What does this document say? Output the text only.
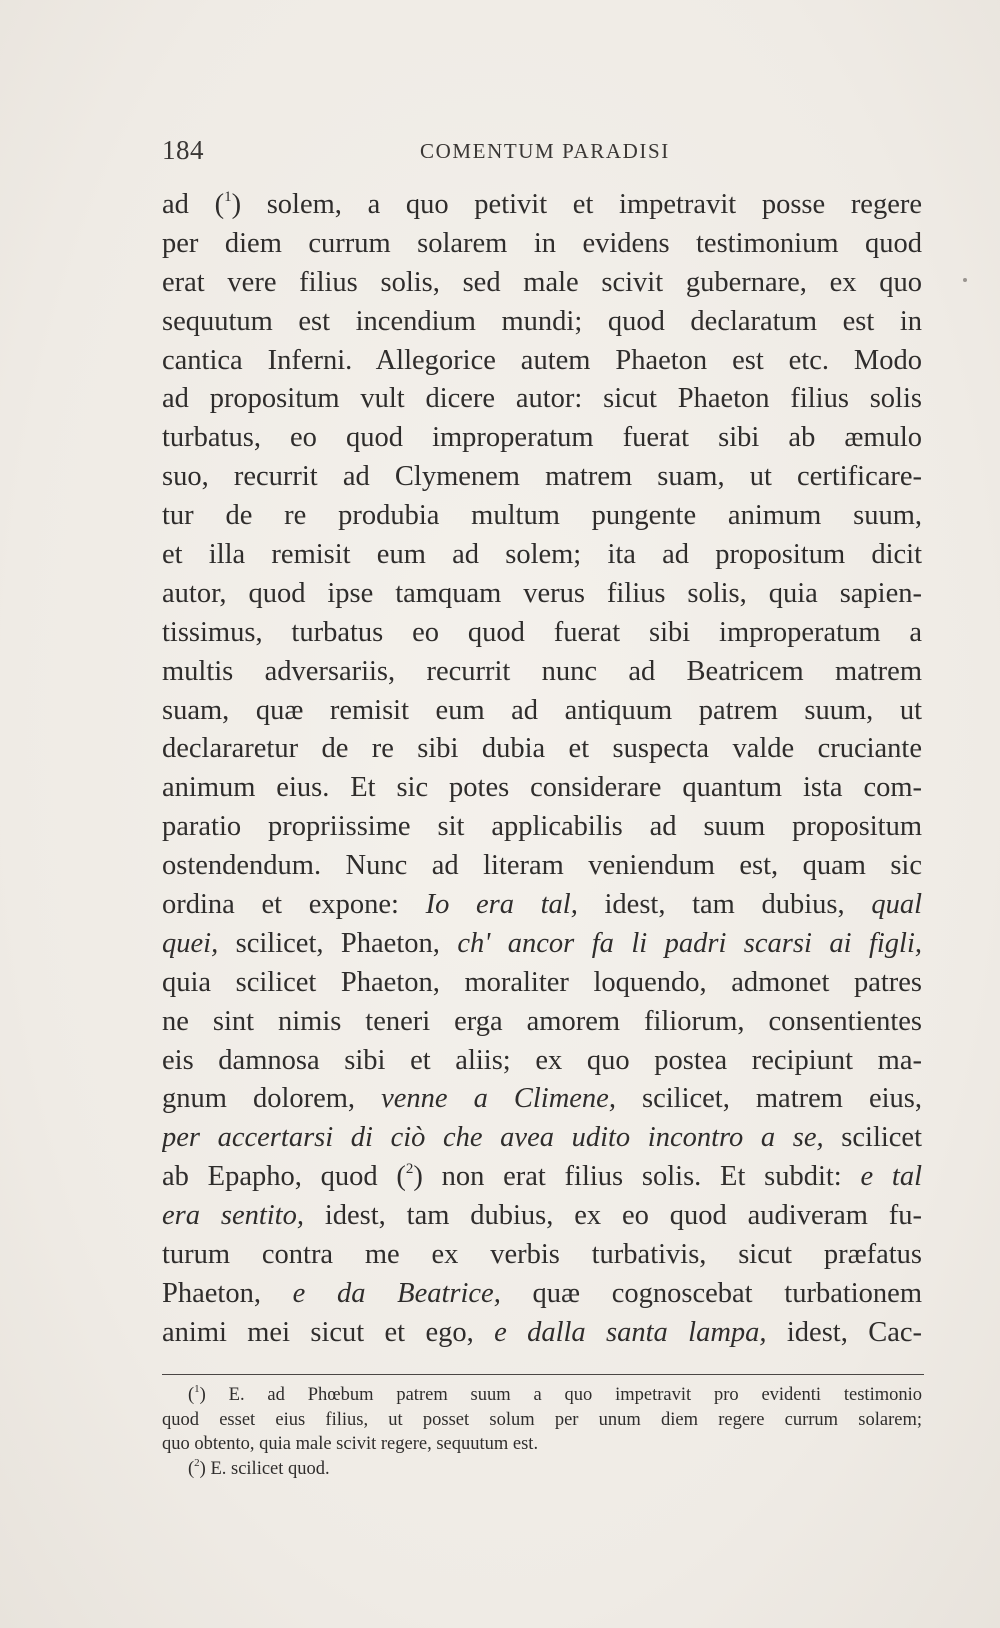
184	COMENTUM PARADISI
ad ($^1$) solem, a quo petivit et impetravit posse regere
per diem currum solarem in evidens testimonium quod
erat vere filius solis, sed male scivit gubernare, ex quo
sequutum est incendium mundi; quod declaratum est in
cantica Inferni. Allegorice autem Phaeton est etc. Modo
ad propositum vult dicere autor: sicut Phaeton filius solis
turbatus, eo quod improperatum fuerat sibi ab æmulo
suo, recurrit ad Clymenem matrem suam, ut certificare-
tur de re produbia multum pungente animum suum,
et illa remisit eum ad solem; ita ad propositum dicit
autor, quod ipse tamquam verus filius solis, quia sapien-
tissimus, turbatus eo quod fuerat sibi improperatum a
multis adversariis, recurrit nunc ad Beatricem matrem
suam, quæ remisit eum ad antiquum patrem suum, ut
declararetur de re sibi dubia et suspecta valde cruciante
animum eius. Et sic potes considerare quantum ista com-
paratio propriissime sit applicabilis ad suum propositum
ostendendum. Nunc ad literam veniendum est, quam sic
ordina et expone: Io era tal, idest, tam dubius, qual
quei, scilicet, Phaeton, ch' ancor fa li padri scarsi ai figli,
quia scilicet Phaeton, moraliter loquendo, admonet patres
ne sint nimis teneri erga amorem filiorum, consentientes
eis damnosa sibi et aliis; ex quo postea recipiunt ma-
gnum dolorem, venne a Climene, scilicet, matrem eius,
per accertarsi di ciò che avea udito incontro a se, scilicet
ab Epapho, quod ($^2$) non erat filius solis. Et subdit: e tal
era sentito, idest, tam dubius, ex eo quod audiveram fu-
turum contra me ex verbis turbativis, sicut præfatus
Phaeton, e da Beatrice, quæ cognoscebat turbationem
animi mei sicut et ego, e dalla santa lampa, idest, Cac-
($^1$) E. ad Phœbum patrem suum a quo impetravit pro evidenti testimonio
quod esset eius filius, ut posset solum per unum diem regere currum solarem;
quo obtento, quia male scivit regere, sequutum est.
($^2$) E. scilicet quod.
